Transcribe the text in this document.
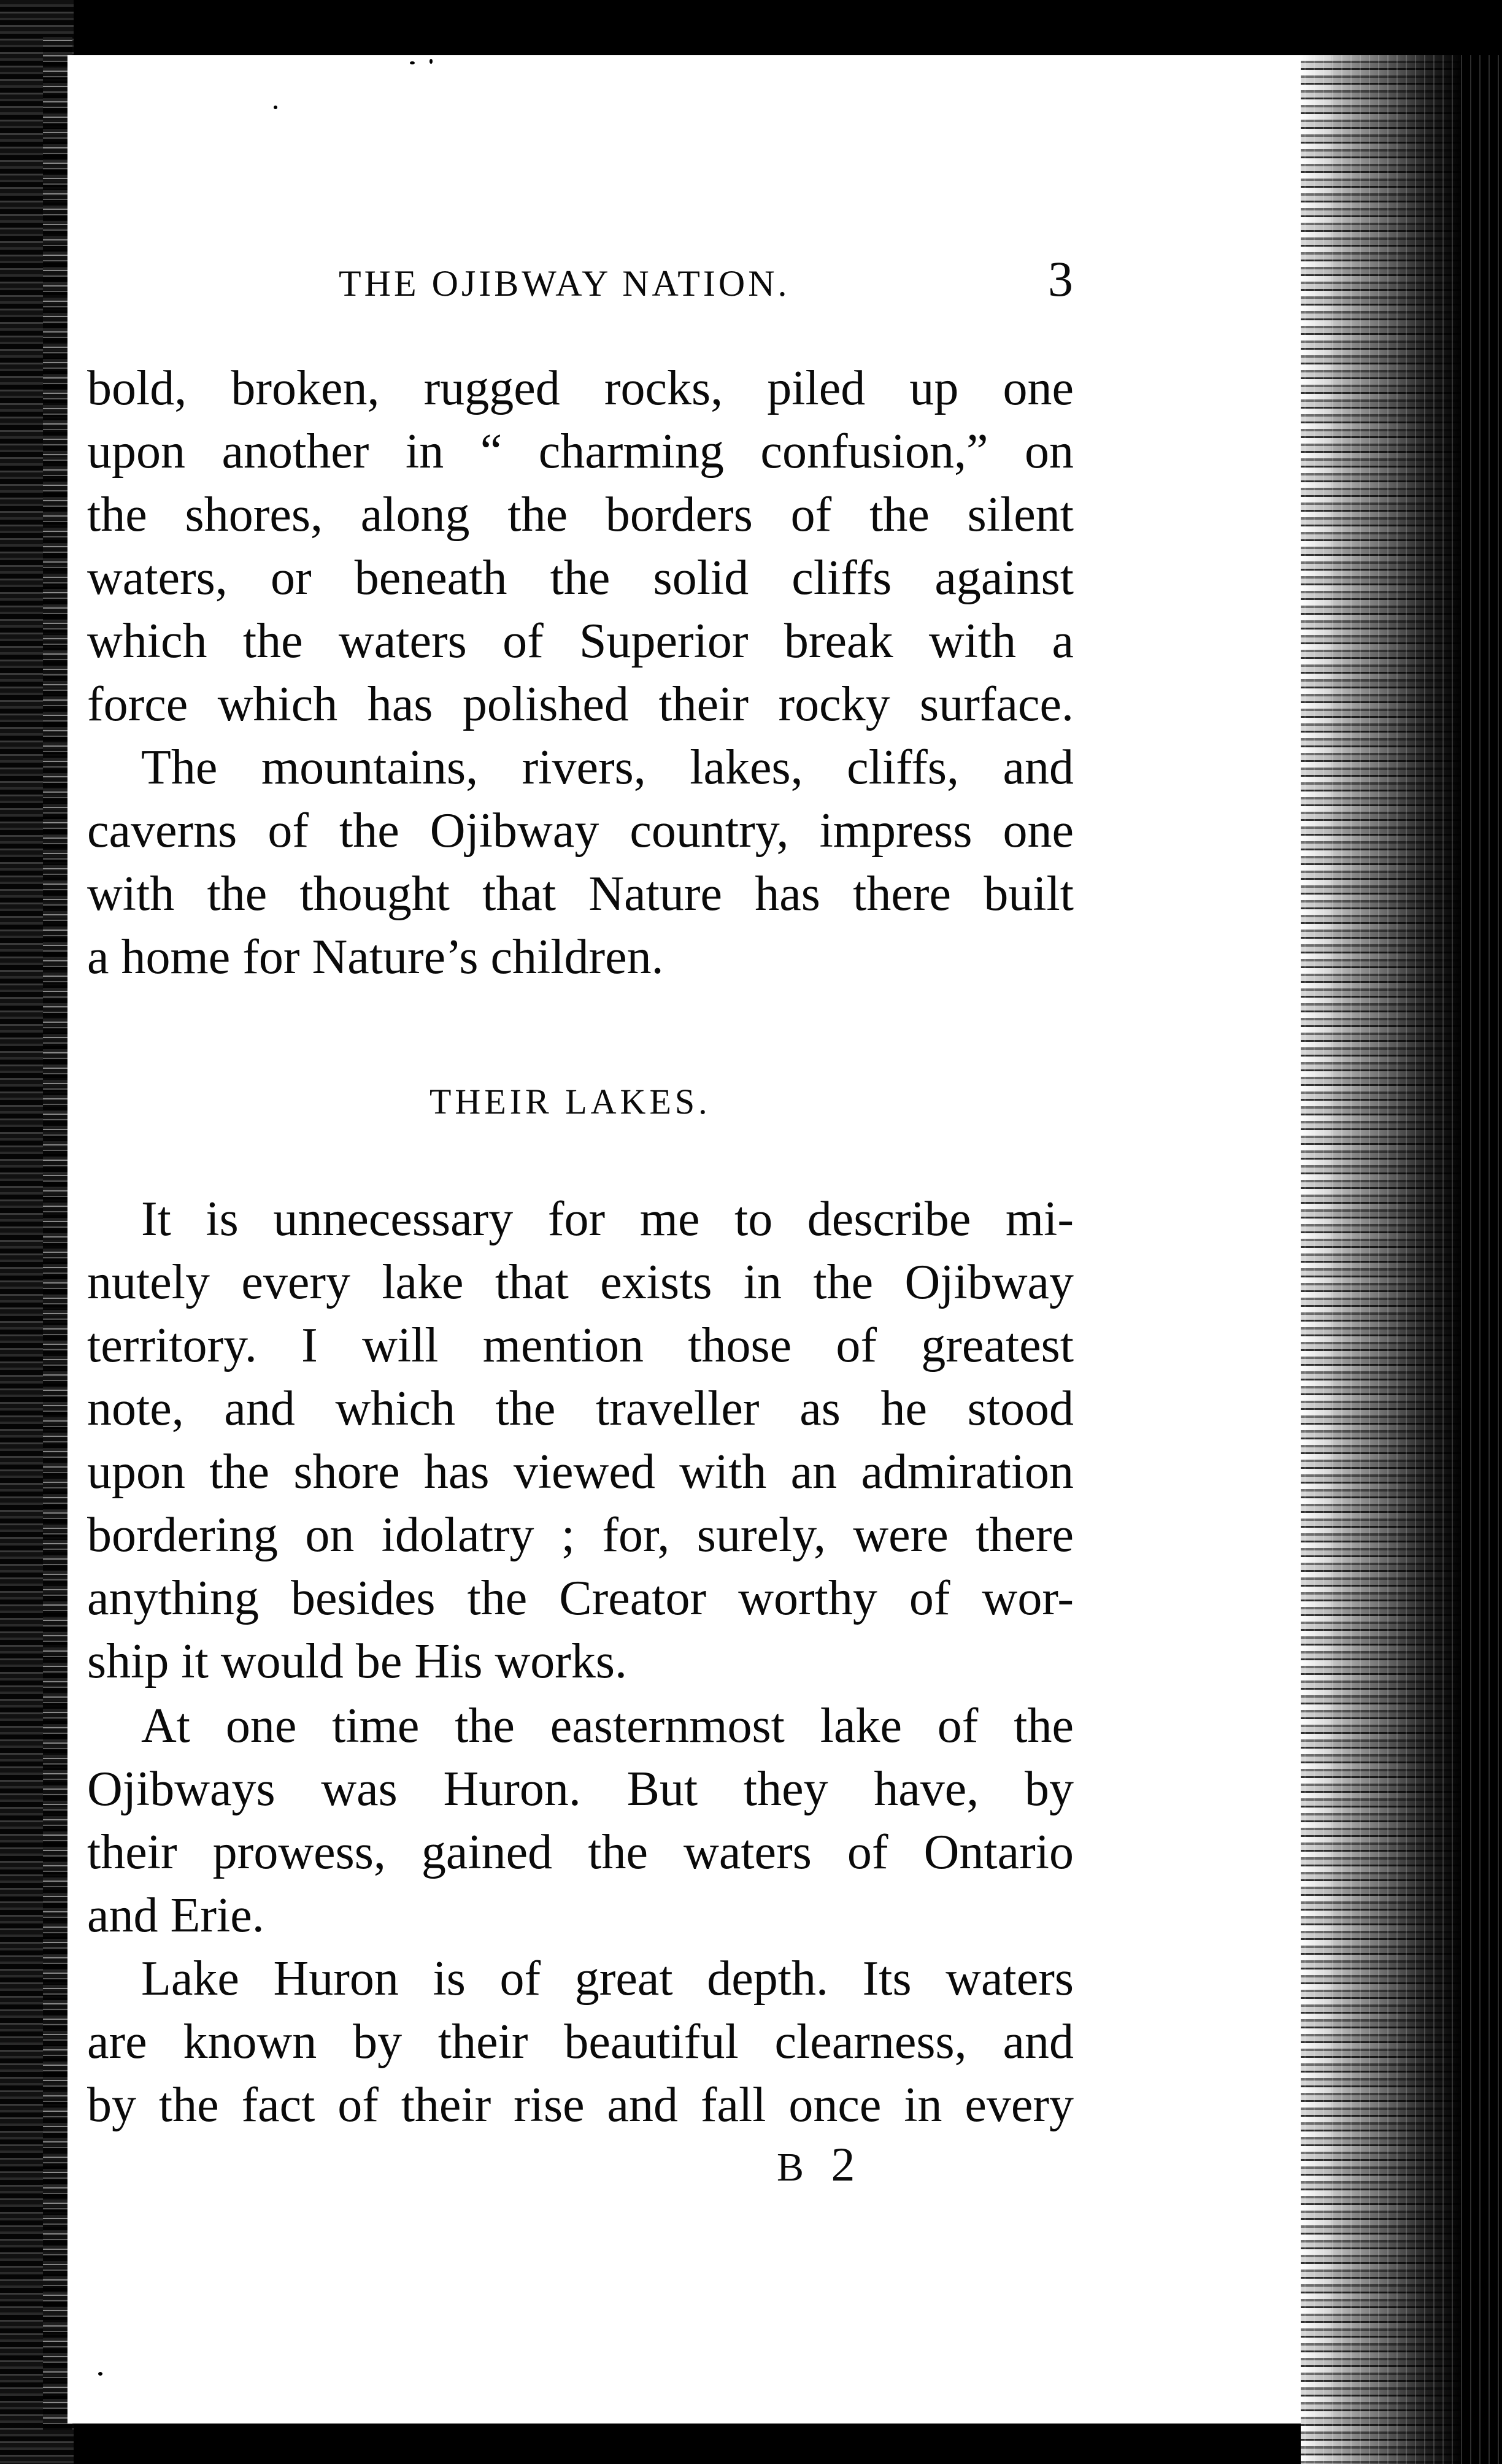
THE OJIBWAY NATION.	3
bold, broken, rugged rocks, piled up one
upon another in “ charming confusion,” on
the shores, along the borders of the silent
waters, or beneath the solid cliffs against
which the waters of Superior break with a
force which has polished their rocky surface.
The mountains, rivers, lakes, cliffs, and
caverns of the Ojibway country, impress one
with the thought that Nature has there built
a home for Nature’s children.
THEIR LAKES.
It is unnecessary for me to describe mi-
nutely every lake that exists in the Ojibway
territory. I will mention those of greatest
note, and which the traveller as he stood
upon the shore has viewed with an admiration
bordering on idolatry ; for, surely, were there
anything besides the Creator worthy of wor-
ship it would be His works.
At one time the easternmost lake of the
Ojibways was Huron. But they have, by
their prowess, gained the waters of Ontario
and Erie.
Lake Huron is of great depth. Its waters
are known by their beautiful clearness, and
by the fact of their rise and fall once in every
B 2
